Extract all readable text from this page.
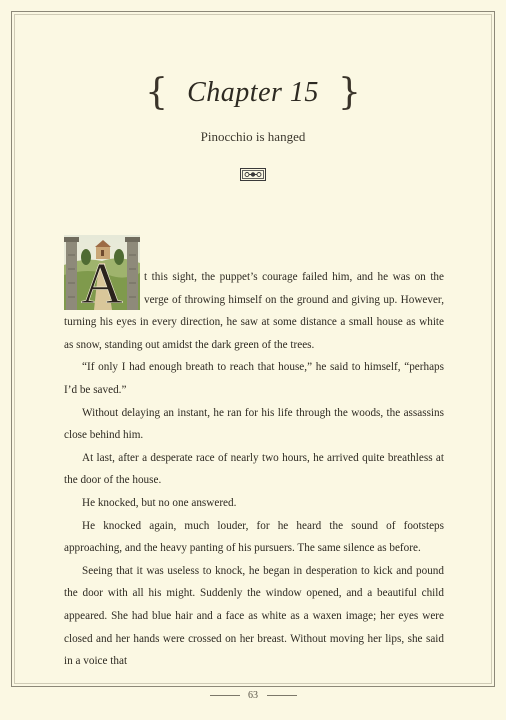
{ Chapter 15 }
Pinocchio is hanged
A	t this sight, the puppet’s courage failed him, and he was on the verge of throwing himself on the ground and giving up. However, turning his eyes in every direction, he saw at some distance a small house as white as snow, standing out amidst the dark green of the trees.

“If only I had enough breath to reach that house,” he said to himself, “perhaps I’d be saved.”

Without delaying an instant, he ran for his life through the woods, the assassins close behind him.

At last, after a desperate race of nearly two hours, he arrived quite breathless at the door of the house.

He knocked, but no one answered.

He knocked again, much louder, for he heard the sound of footsteps approaching, and the heavy panting of his pursuers. The same silence as before.

Seeing that it was useless to knock, he began in desperation to kick and pound the door with all his might. Suddenly the window opened, and a beautiful child appeared. She had blue hair and a face as white as a waxen image; her eyes were closed and her hands were crossed on her breast. Without moving her lips, she said in a voice that

63
